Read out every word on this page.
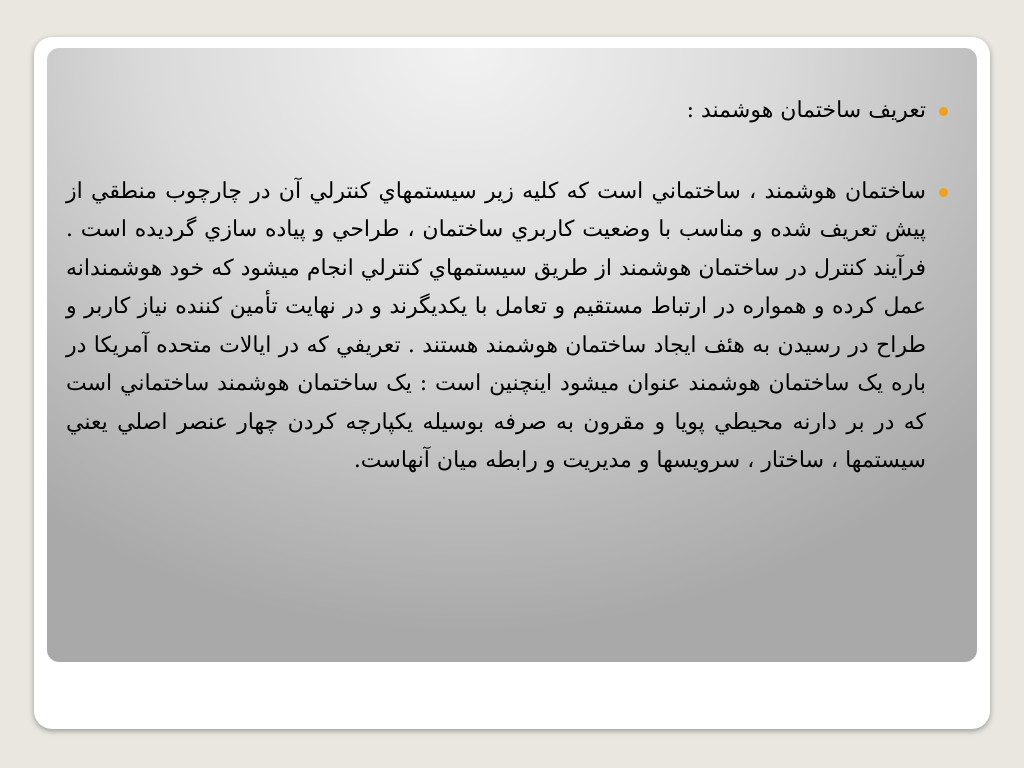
تعريف ساختمان هوشمند :
ساختمان هوشمند ، ساختماني است كه كليه زير سيستمهاي كنترلي آن در چارچوب منطقي از پيش تعريف شده و مناسب با وضعيت كاربري ساختمان ، طراحي و پياده سازي گرديده است . فرآيند كنترل در ساختمان هوشمند از طريق سيستمهاي كنترلي انجام ميشود كه خود هوشمندانه عمل كرده و همواره در ارتباط مستقيم و تعامل با يكديگرند و در نهايت تأمين كننده نياز كاربر و طراح در رسيدن به هئف ايجاد ساختمان هوشمند هستند . تعريفي كه در ايالات متحده آمريكا در باره یک ساختمان هوشمند عنوان ميشود اينچنين است : یک ساختمان هوشمند ساختماني است كه در بر دارنه محيطي پويا و مقرون به صرفه بوسيله يكپارچه كردن چهار عنصر اصلي يعني سيستمها ، ساختار ، سرويسها و مديريت و رابطه ميان آنهاست.
